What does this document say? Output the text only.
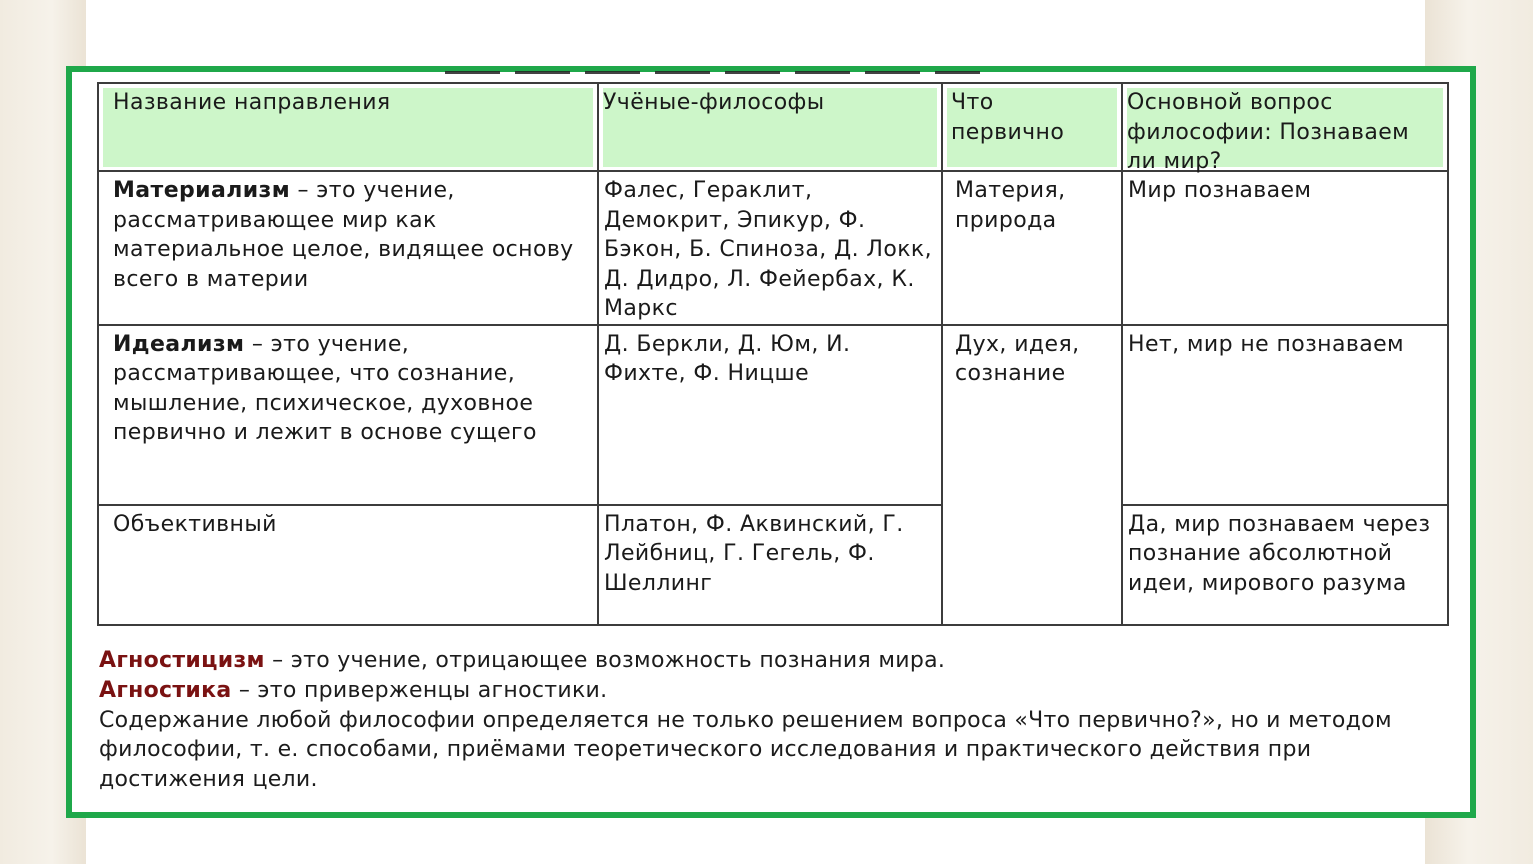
Название направления	Учёные-философы	Что первично	Основной вопрос философии: Познаваем ли мир?

Материализм – это учение, рассматривающее мир как материальное целое, видящее основу всего в материи	Фалес, Гераклит, Демокрит, Эпикур, Ф. Бэкон, Б. Спиноза, Д. Локк, Д. Дидро, Л. Фейербах, К. Маркс	Материя, природа	Мир познаваем
Идеализм – это учение, рассматривающее, что сознание, мышление, психическое, духовное первично и лежит в основе сущего	Д. Беркли, Д. Юм, И. Фихте, Ф. Ницше	Дух, идея, сознание	Нет, мир не познаваем
Объективный	Платон, Ф. Аквинский, Г. Лейбниц, Г. Гегель, Ф. Шеллинг		Да, мир познаваем через познание абсолютной идеи, мирового разума

Агностицизм – это учение, отрицающее возможность познания мира.

Агностика – это приверженцы агностики.

Содержание любой философии определяется не только решением вопроса «Что первично?», но и методом философии, т. е. способами, приёмами теоретического исследования и практического действия при достижения цели.
